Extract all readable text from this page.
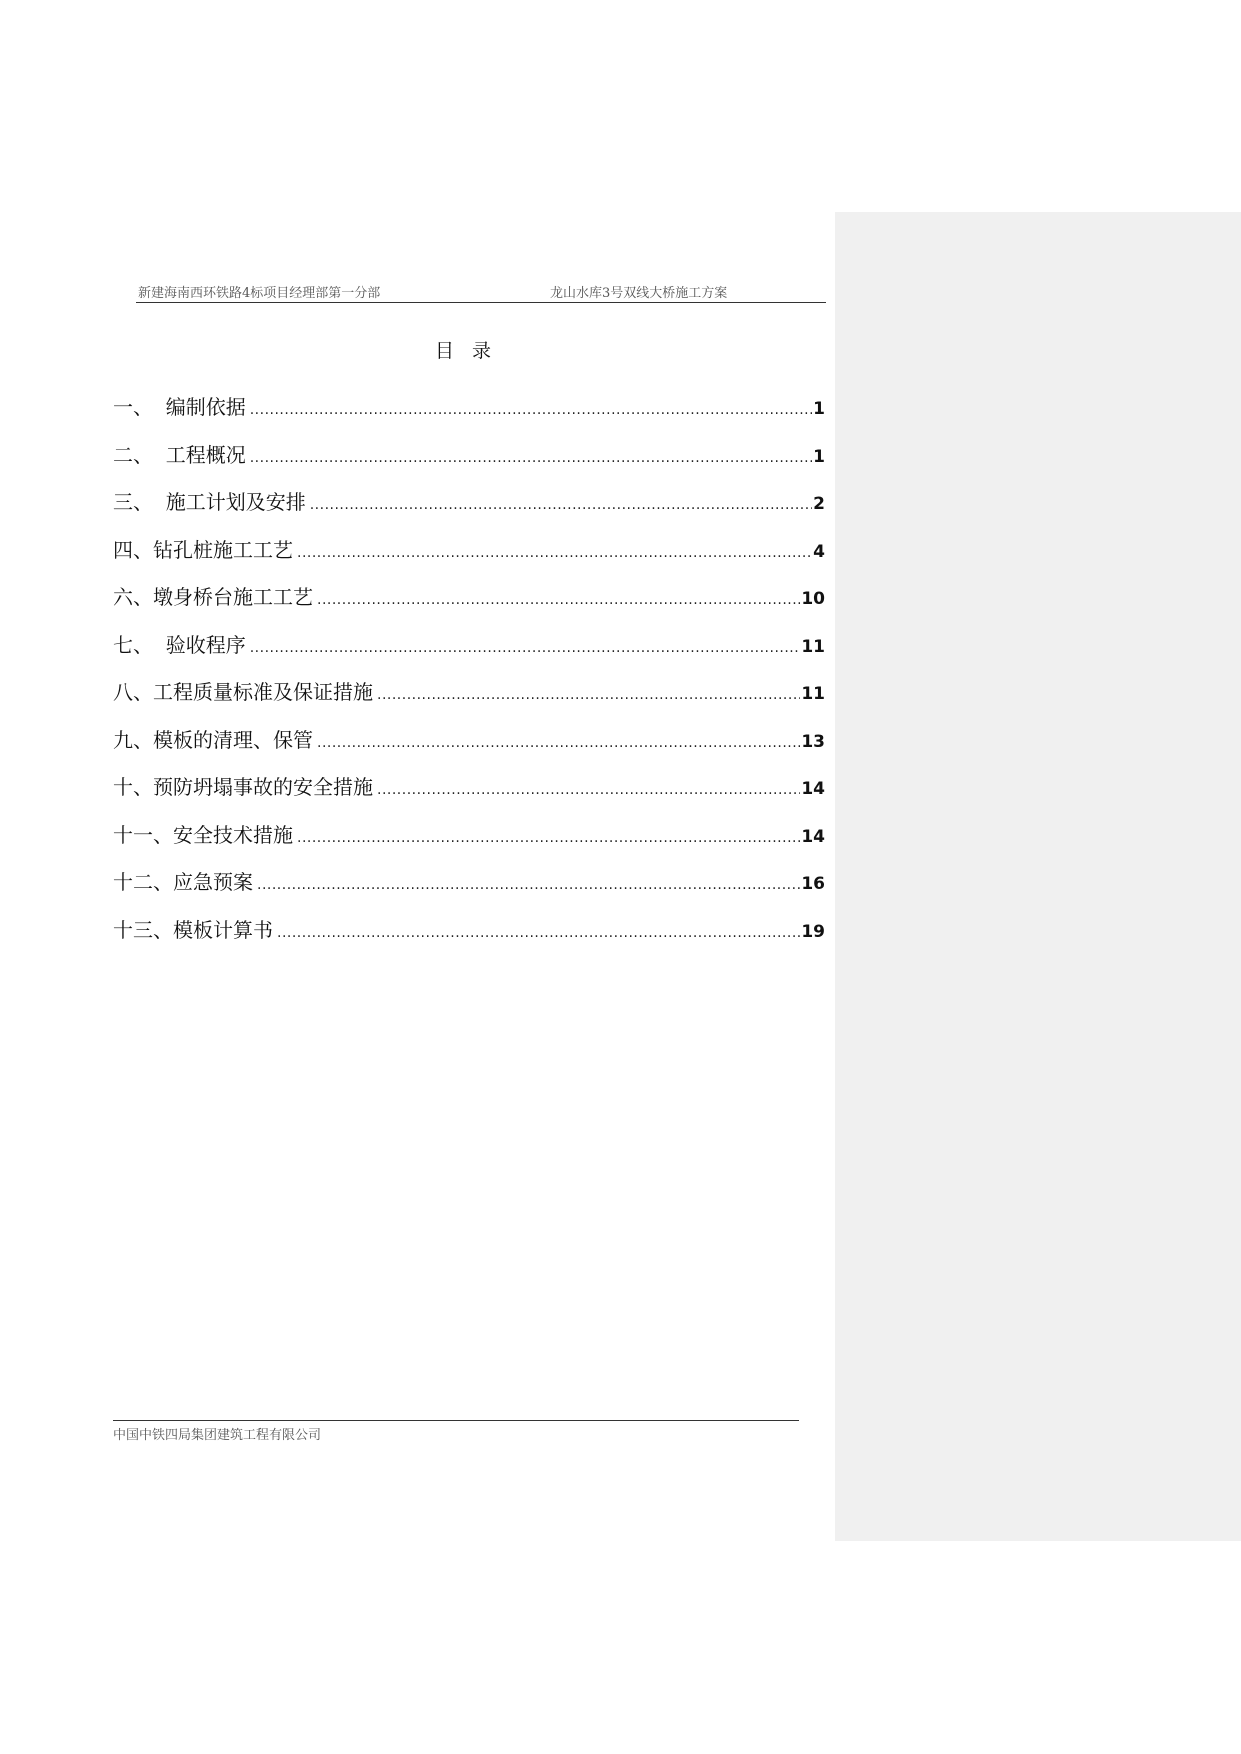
新建海南西环铁路4标项目经理部第一分部	龙山水库3号双线大桥施工方案
目 录
一、 编制依据 .....	1
二、 工程概况 .....	1
三、 施工计划及安排 .....	2
四、 钻孔桩施工工艺 .....	4
六、 墩身桥台施工工艺 .....	10
七、 验收程序 .....	11
八、 工程质量标准及保证措施 .....	11
九、 模板的清理、保管 .....	13
十、 预防坍塌事故的安全措施 .....	14
十一、 安全技术措施 .....	14
十二、 应急预案 .....	16
十三、 模板计算书 .....	19
中国中铁四局集团建筑工程有限公司
